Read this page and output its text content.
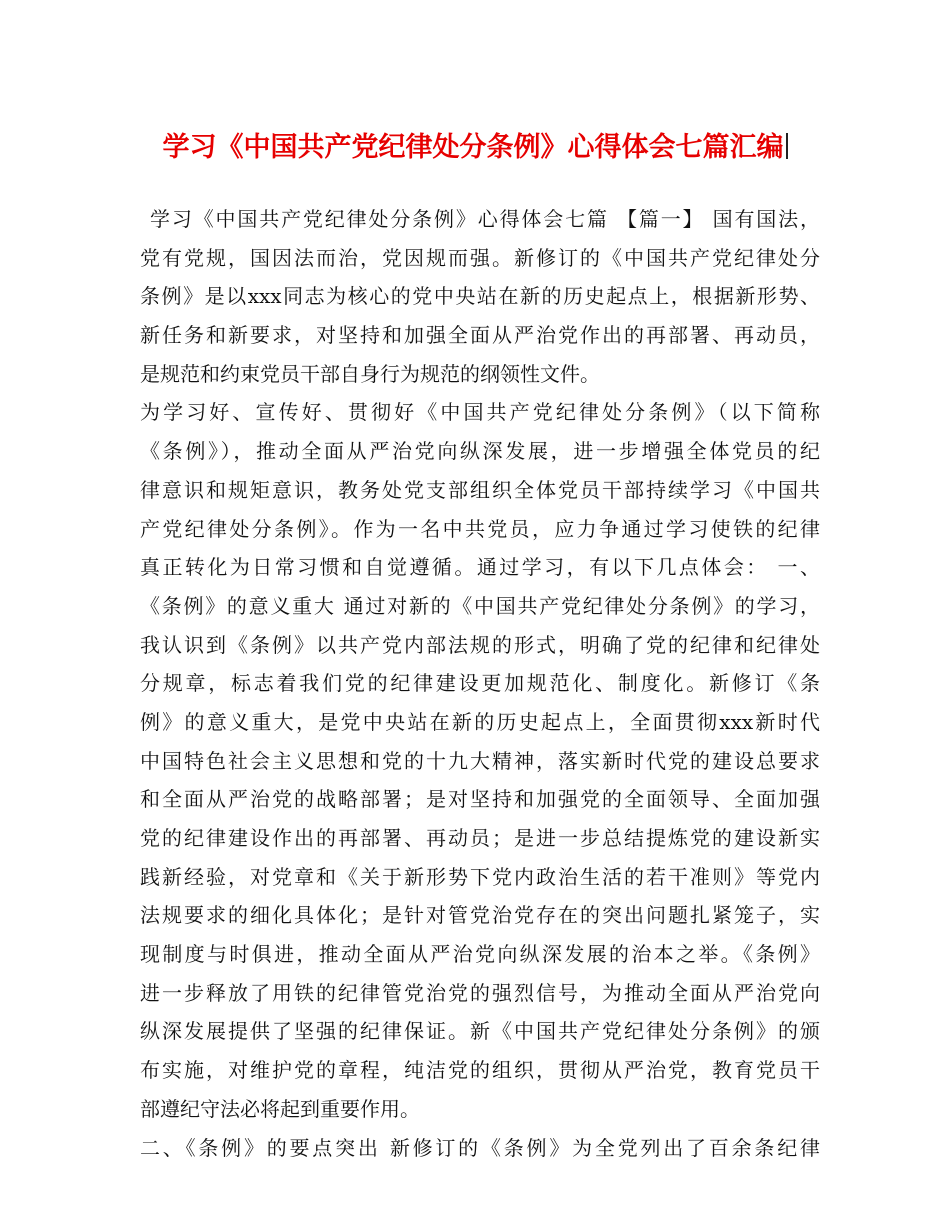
学习《中国共产党纪律处分条例》心得体会七篇汇编
学习《中国共产党纪律处分条例》心得体会七篇 【篇一】 国有国法，
党有党规，国因法而治，党因规而强。新修订的《中国共产党纪律处分
条例》是以xxx同志为核心的党中央站在新的历史起点上，根据新形势、
新任务和新要求，对坚持和加强全面从严治党作出的再部署、再动员，
是规范和约束党员干部自身行为规范的纲领性文件。
为学习好、宣传好、贯彻好《中国共产党纪律处分条例》（以下简称
《条例》），推动全面从严治党向纵深发展，进一步增强全体党员的纪
律意识和规矩意识，教务处党支部组织全体党员干部持续学习《中国共
产党纪律处分条例》。作为一名中共党员，应力争通过学习使铁的纪律
真正转化为日常习惯和自觉遵循。通过学习，有以下几点体会： 一、
《条例》的意义重大 通过对新的《中国共产党纪律处分条例》的学习，
我认识到《条例》以共产党内部法规的形式，明确了党的纪律和纪律处
分规章，标志着我们党的纪律建设更加规范化、制度化。新修订《条
例》的意义重大，是党中央站在新的历史起点上，全面贯彻xxx新时代
中国特色社会主义思想和党的十九大精神，落实新时代党的建设总要求
和全面从严治党的战略部署；是对坚持和加强党的全面领导、全面加强
党的纪律建设作出的再部署、再动员；是进一步总结提炼党的建设新实
践新经验，对党章和《关于新形势下党内政治生活的若干准则》等党内
法规要求的细化具体化；是针对管党治党存在的突出问题扎紧笼子，实
现制度与时俱进，推动全面从严治党向纵深发展的治本之举。《条例》
进一步释放了用铁的纪律管党治党的强烈信号，为推动全面从严治党向
纵深发展提供了坚强的纪律保证。新《中国共产党纪律处分条例》的颁
布实施，对维护党的章程，纯洁党的组织，贯彻从严治党，教育党员干
部遵纪守法必将起到重要作用。
二、《条例》的要点突出 新修订的《条例》为全党列出了百余条纪律
